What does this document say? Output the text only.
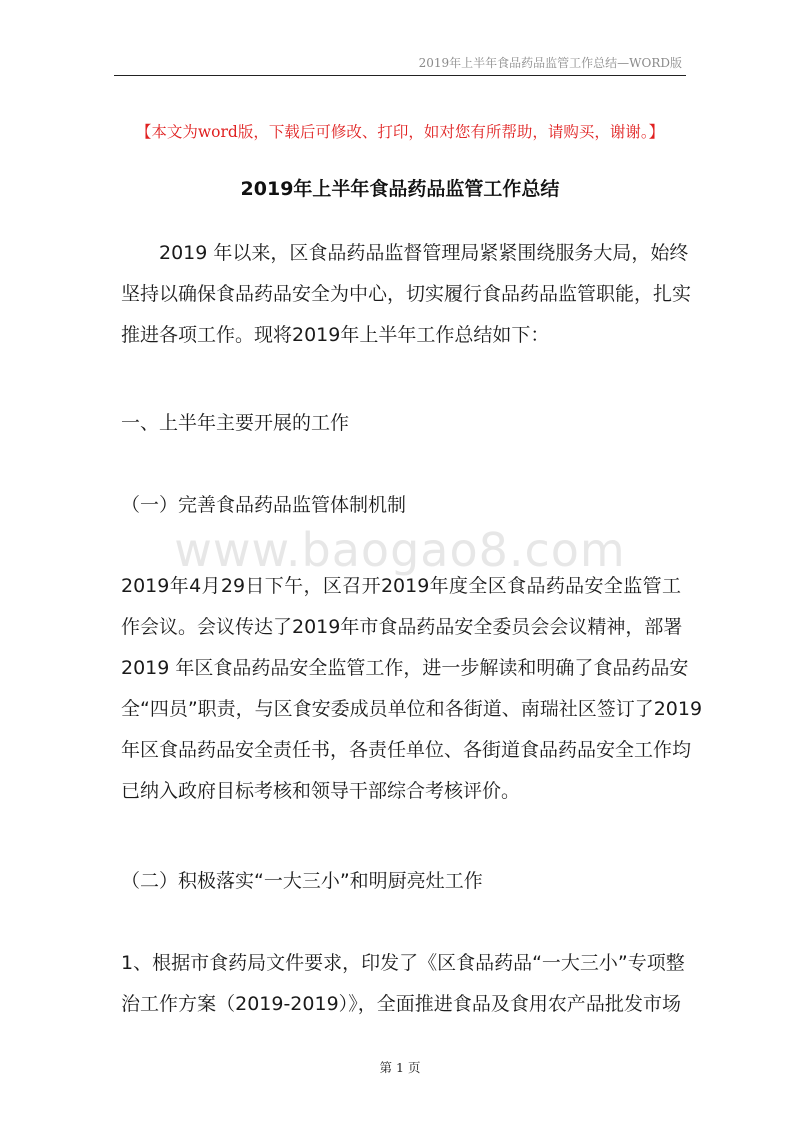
2019年上半年食品药品监管工作总结—WORD版
【本文为word版，下载后可修改、打印，如对您有所帮助，请购买，谢谢。】
2019年上半年食品药品监管工作总结
2019 年以来，区食品药品监督管理局紧紧围绕服务大局，始终
坚持以确保食品药品安全为中心，切实履行食品药品监管职能，扎实
推进各项工作。现将2019年上半年工作总结如下：
一、上半年主要开展的工作
（一）完善食品药品监管体制机制
www.baogao8.com
2019年4月29日下午，区召开2019年度全区食品药品安全监管工
作会议。会议传达了2019年市食品药品安全委员会会议精神，部署
2019 年区食品药品安全监管工作，进一步解读和明确了食品药品安
全“四员”职责，与区食安委成员单位和各街道、南瑞社区签订了2019
年区食品药品安全责任书，各责任单位、各街道食品药品安全工作均
已纳入政府目标考核和领导干部综合考核评价。
（二）积极落实“一大三小”和明厨亮灶工作
1、根据市食药局文件要求，印发了《区食品药品“一大三小”专项整
治工作方案（2019-2019）》，全面推进食品及食用农产品批发市场
第 1 页
